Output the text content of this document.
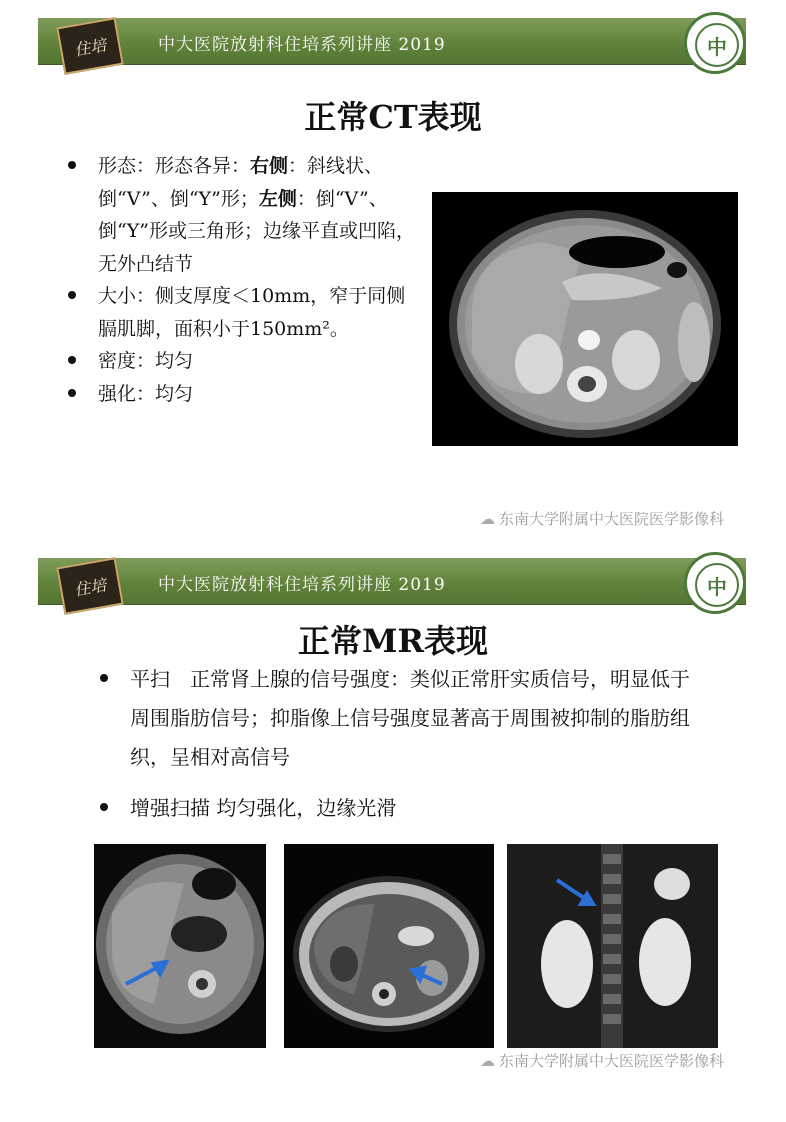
住培	中大医院放射科住培系列讲座 2019	中
正常CT表现
形态：形态各异：右侧：斜线状、倒“V”、倒“Y”形；左侧：倒“V”、倒“Y”形或三角形；边缘平直或凹陷，无外凸结节
大小：侧支厚度＜10mm，窄于同侧膈肌脚，面积小于150mm²。
密度：均匀
强化：均匀
☁ 东南大学附属中大医院医学影像科
住培	中大医院放射科住培系列讲座 2019	中
正常MR表现
平扫　正常肾上腺的信号强度：类似正常肝实质信号，明显低于周围脂肪信号；抑脂像上信号强度显著高于周围被抑制的脂肪组织，呈相对高信号
增强扫描 均匀强化，边缘光滑
☁ 东南大学附属中大医院医学影像科
